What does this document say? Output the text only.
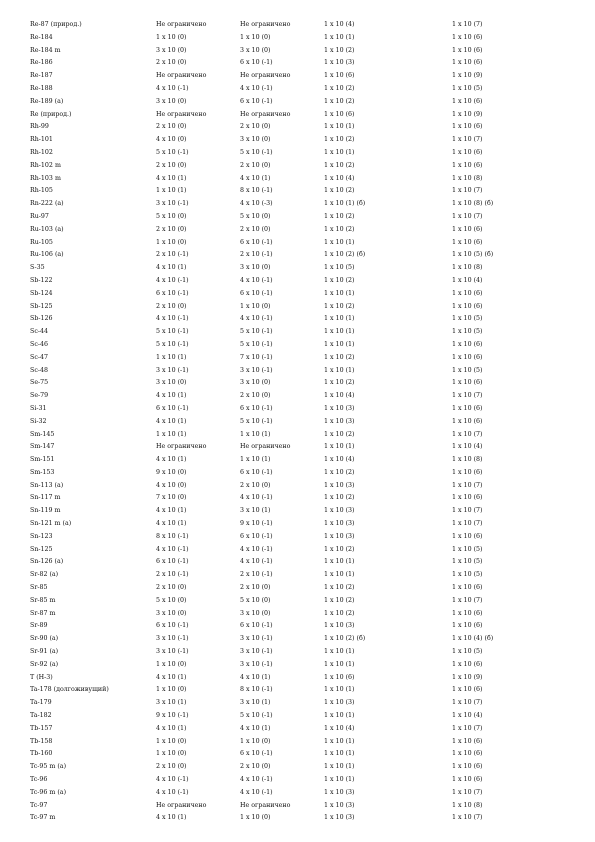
Re-87 (природ.)	Не ограничено	Не ограничено	1 х 10 (4)	1 х 10 (7)
Re-184	1 х 10 (0)	1 х 10 (0)	1 х 10 (1)	1 х 10 (6)
Re-184 m	3 х 10 (0)	3 х 10 (0)	1 х 10 (2)	1 х 10 (6)
Re-186	2 х 10 (0)	6 х 10 (-1)	1 х 10 (3)	1 х 10 (6)
Re-187	Не ограничено	Не ограничено	1 х 10 (6)	1 х 10 (9)
Re-188	4 х 10 (-1)	4 х 10 (-1)	1 х 10 (2)	1 х 10 (5)
Re-189 (а)	3 х 10 (0)	6 х 10 (-1)	1 х 10 (2)	1 х 10 (6)
Re (природ.)	Не ограничено	Не ограничено	1 х 10 (6)	1 х 10 (9)
Rh-99	2 х 10 (0)	2 х 10 (0)	1 х 10 (1)	1 х 10 (6)
Rh-101	4 х 10 (0)	3 х 10 (0)	1 х 10 (2)	1 х 10 (7)
Rh-102	5 х 10 (-1)	5 х 10 (-1)	1 х 10 (1)	1 х 10 (6)
Rh-102 m	2 х 10 (0)	2 х 10 (0)	1 х 10 (2)	1 х 10 (6)
Rh-103 m	4 х 10 (1)	4 х 10 (1)	1 х 10 (4)	1 х 10 (8)
Rh-105	1 х 10 (1)	8 х 10 (-1)	1 х 10 (2)	1 х 10 (7)
Rn-222 (а)	3 х 10 (-1)	4 х 10 (-3)	1 х 10 (1) (б)	1 х 10 (8) (б)
Ru-97	5 х 10 (0)	5 х 10 (0)	1 х 10 (2)	1 х 10 (7)
Ru-103 (а)	2 х 10 (0)	2 х 10 (0)	1 х 10 (2)	1 х 10 (6)
Ru-105	1 х 10 (0)	6 х 10 (-1)	1 х 10 (1)	1 х 10 (6)
Ru-106 (а)	2 х 10 (-1)	2 х 10 (-1)	1 х 10 (2) (б)	1 х 10 (5) (б)
S-35	4 х 10 (1)	3 х 10 (0)	1 х 10 (5)	1 х 10 (8)
Sb-122	4 х 10 (-1)	4 х 10 (-1)	1 х 10 (2)	1 х 10 (4)
Sb-124	6 х 10 (-1)	6 х 10 (-1)	1 х 10 (1)	1 х 10 (6)
Sb-125	2 х 10 (0)	1 х 10 (0)	1 х 10 (2)	1 х 10 (6)
Sb-126	4 х 10 (-1)	4 х 10 (-1)	1 х 10 (1)	1 х 10 (5)
Sc-44	5 х 10 (-1)	5 х 10 (-1)	1 х 10 (1)	1 х 10 (5)
Sc-46	5 х 10 (-1)	5 х 10 (-1)	1 х 10 (1)	1 х 10 (6)
Sc-47	1 х 10 (1)	7 х 10 (-1)	1 х 10 (2)	1 х 10 (6)
Sc-48	3 х 10 (-1)	3 х 10 (-1)	1 х 10 (1)	1 х 10 (5)
Se-75	3 х 10 (0)	3 х 10 (0)	1 х 10 (2)	1 х 10 (6)
Se-79	4 х 10 (1)	2 х 10 (0)	1 х 10 (4)	1 х 10 (7)
Si-31	6 х 10 (-1)	6 х 10 (-1)	1 х 10 (3)	1 х 10 (6)
Si-32	4 х 10 (1)	5 х 10 (-1)	1 х 10 (3)	1 х 10 (6)
Sm-145	1 х 10 (1)	1 х 10 (1)	1 х 10 (2)	1 х 10 (7)
Sm-147	Не ограничено	Не ограничено	1 х 10 (1)	1 х 10 (4)
Sm-151	4 х 10 (1)	1 х 10 (1)	1 х 10 (4)	1 х 10 (8)
Sm-153	9 х 10 (0)	6 х 10 (-1)	1 х 10 (2)	1 х 10 (6)
Sn-113 (а)	4 х 10 (0)	2 х 10 (0)	1 х 10 (3)	1 х 10 (7)
Sn-117 m	7 х 10 (0)	4 х 10 (-1)	1 х 10 (2)	1 х 10 (6)
Sn-119 m	4 х 10 (1)	3 х 10 (1)	1 х 10 (3)	1 х 10 (7)
Sn-121 m (а)	4 х 10 (1)	9 х 10 (-1)	1 х 10 (3)	1 х 10 (7)
Sn-123	8 х 10 (-1)	6 х 10 (-1)	1 х 10 (3)	1 х 10 (6)
Sn-125	4 х 10 (-1)	4 х 10 (-1)	1 х 10 (2)	1 х 10 (5)
Sn-126 (а)	6 х 10 (-1)	4 х 10 (-1)	1 х 10 (1)	1 х 10 (5)
Sr-82 (а)	2 х 10 (-1)	2 х 10 (-1)	1 х 10 (1)	1 х 10 (5)
Sr-85	2 х 10 (0)	2 х 10 (0)	1 х 10 (2)	1 х 10 (6)
Sr-85 m	5 х 10 (0)	5 х 10 (0)	1 х 10 (2)	1 х 10 (7)
Sr-87 m	3 х 10 (0)	3 х 10 (0)	1 х 10 (2)	1 х 10 (6)
Sr-89	6 х 10 (-1)	6 х 10 (-1)	1 х 10 (3)	1 х 10 (6)
Sr-90 (а)	3 х 10 (-1)	3 х 10 (-1)	1 х 10 (2) (б)	1 х 10 (4) (б)
Sr-91 (а)	3 х 10 (-1)	3 х 10 (-1)	1 х 10 (1)	1 х 10 (5)
Sr-92 (а)	1 х 10 (0)	3 х 10 (-1)	1 х 10 (1)	1 х 10 (6)
T (H-3)	4 х 10 (1)	4 х 10 (1)	1 х 10 (6)	1 х 10 (9)
Ta-178 (долгоживущий)	1 х 10 (0)	8 х 10 (-1)	1 х 10 (1)	1 х 10 (6)
Ta-179	3 х 10 (1)	3 х 10 (1)	1 х 10 (3)	1 х 10 (7)
Ta-182	9 х 10 (-1)	5 х 10 (-1)	1 х 10 (1)	1 х 10 (4)
Tb-157	4 х 10 (1)	4 х 10 (1)	1 х 10 (4)	1 х 10 (7)
Tb-158	1 х 10 (0)	1 х 10 (0)	1 х 10 (1)	1 х 10 (6)
Tb-160	1 х 10 (0)	6 х 10 (-1)	1 х 10 (1)	1 х 10 (6)
Tc-95 m (а)	2 х 10 (0)	2 х 10 (0)	1 х 10 (1)	1 х 10 (6)
Tc-96	4 х 10 (-1)	4 х 10 (-1)	1 х 10 (1)	1 х 10 (6)
Tc-96 m (а)	4 х 10 (-1)	4 х 10 (-1)	1 х 10 (3)	1 х 10 (7)
Tc-97	Не ограничено	Не ограничено	1 х 10 (3)	1 х 10 (8)
Tc-97 m	4 х 10 (1)	1 х 10 (0)	1 х 10 (3)	1 х 10 (7)
